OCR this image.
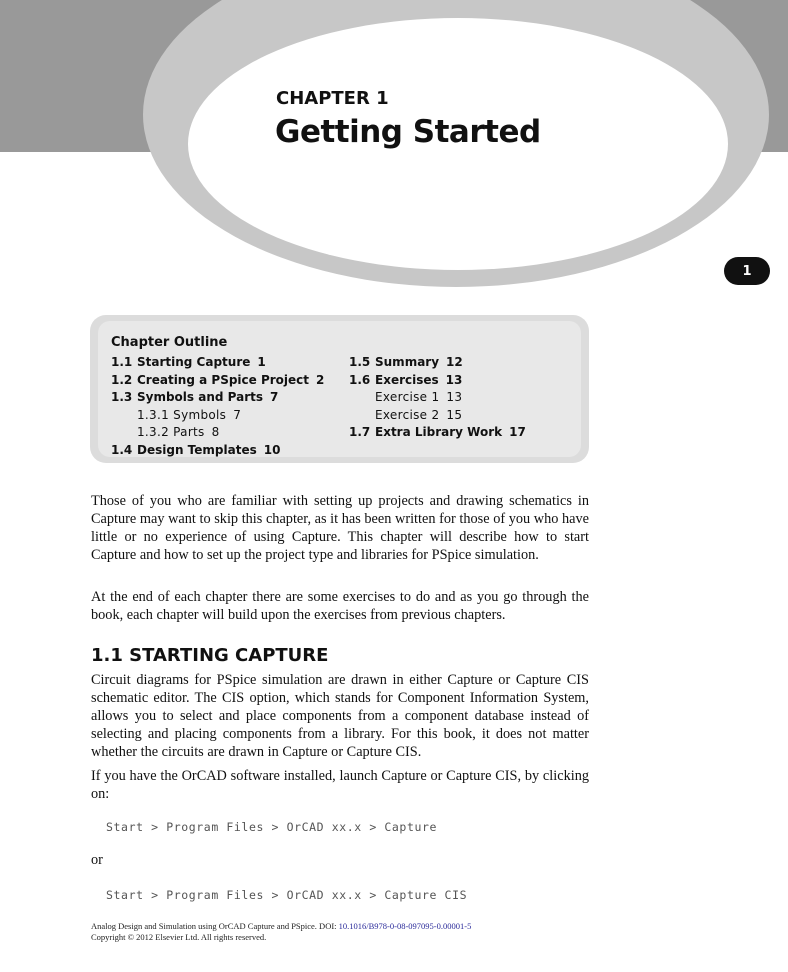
CHAPTER 1
Getting Started
1
Chapter Outline
1.1 Starting Capture 1
1.2 Creating a PSpice Project 2
1.3 Symbols and Parts 7
1.3.1 Symbols 7
1.3.2 Parts 8
1.4 Design Templates 10
1.5 Summary 12
1.6 Exercises 13
Exercise 1 13
Exercise 2 15
1.7 Extra Library Work 17
Those of you who are familiar with setting up projects and drawing schematics in Capture may want to skip this chapter, as it has been written for those of you who have little or no experience of using Capture. This chapter will describe how to start Capture and how to set up the project type and libraries for PSpice simulation.
At the end of each chapter there are some exercises to do and as you go through the book, each chapter will build upon the exercises from previous chapters.
1.1 STARTING CAPTURE
Circuit diagrams for PSpice simulation are drawn in either Capture or Capture CIS schematic editor. The CIS option, which stands for Component Information System, allows you to select and place components from a component database instead of selecting and placing components from a library. For this book, it does not matter whether the circuits are drawn in Capture or Capture CIS.
If you have the OrCAD software installed, launch Capture or Capture CIS, by clicking on:
Start > Program Files > OrCAD xx.x > Capture
or
Start > Program Files > OrCAD xx.x > Capture CIS
Analog Design and Simulation using OrCAD Capture and PSpice. DOI: 10.1016/B978-0-08-097095-0.00001-5
Copyright © 2012 Elsevier Ltd. All rights reserved.
